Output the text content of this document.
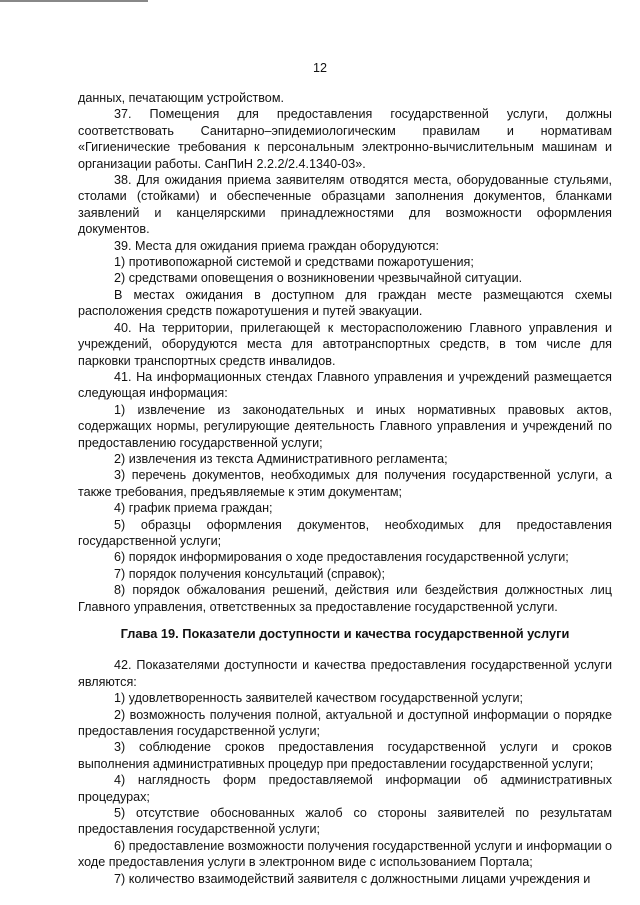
12

данных, печатающим устройством.

37. Помещения для предоставления государственной услуги, должны соответствовать Санитарно–эпидемиологическим правилам и нормативам «Гигиенические требования к персональным электронно-вычислительным машинам и организации работы. СанПиН 2.2.2/2.4.1340-03».

38. Для ожидания приема заявителям отводятся места, оборудованные стульями, столами (стойками) и обеспеченные образцами заполнения документов, бланками заявлений и канцелярскими принадлежностями для возможности оформления документов.

39. Места для ожидания приема граждан оборудуются:

1) противопожарной системой и средствами пожаротушения;

2) средствами оповещения о возникновении чрезвычайной ситуации.

В местах ожидания в доступном для граждан месте размещаются схемы расположения средств пожаротушения и путей эвакуации.

40. На территории, прилегающей к месторасположению Главного управления и учреждений, оборудуются места для автотранспортных средств, в том числе для парковки транспортных средств инвалидов.

41. На информационных стендах Главного управления и учреждений размещается следующая информация:

1) извлечение из законодательных и иных нормативных правовых актов, содержащих нормы, регулирующие деятельность Главного управления и учреждений по предоставлению государственной услуги;

2) извлечения из текста Административного регламента;

3) перечень документов, необходимых для получения государственной услуги, а также требования, предъявляемые к этим документам;

4) график приема граждан;

5) образцы оформления документов, необходимых для предоставления государственной услуги;

6) порядок информирования о ходе предоставления государственной услуги;

7) порядок получения консультаций (справок);

8) порядок обжалования решений, действия или бездействия должностных лиц Главного управления, ответственных за предоставление государственной услуги.

Глава 19. Показатели доступности и качества государственной услуги

42. Показателями доступности и качества предоставления государственной услуги являются:

1) удовлетворенность заявителей качеством государственной услуги;

2) возможность получения полной, актуальной и доступной информации о порядке предоставления государственной услуги;

3) соблюдение сроков предоставления государственной услуги и сроков выполнения административных процедур при предоставлении государственной услуги;

4) наглядность форм предоставляемой информации об административных процедурах;

5) отсутствие обоснованных жалоб со стороны заявителей по результатам предоставления государственной услуги;

6) предоставление возможности получения государственной услуги и информации о ходе предоставления услуги в электронном виде с использованием Портала;

7) количество взаимодействий заявителя с должностными лицами учреждения и
